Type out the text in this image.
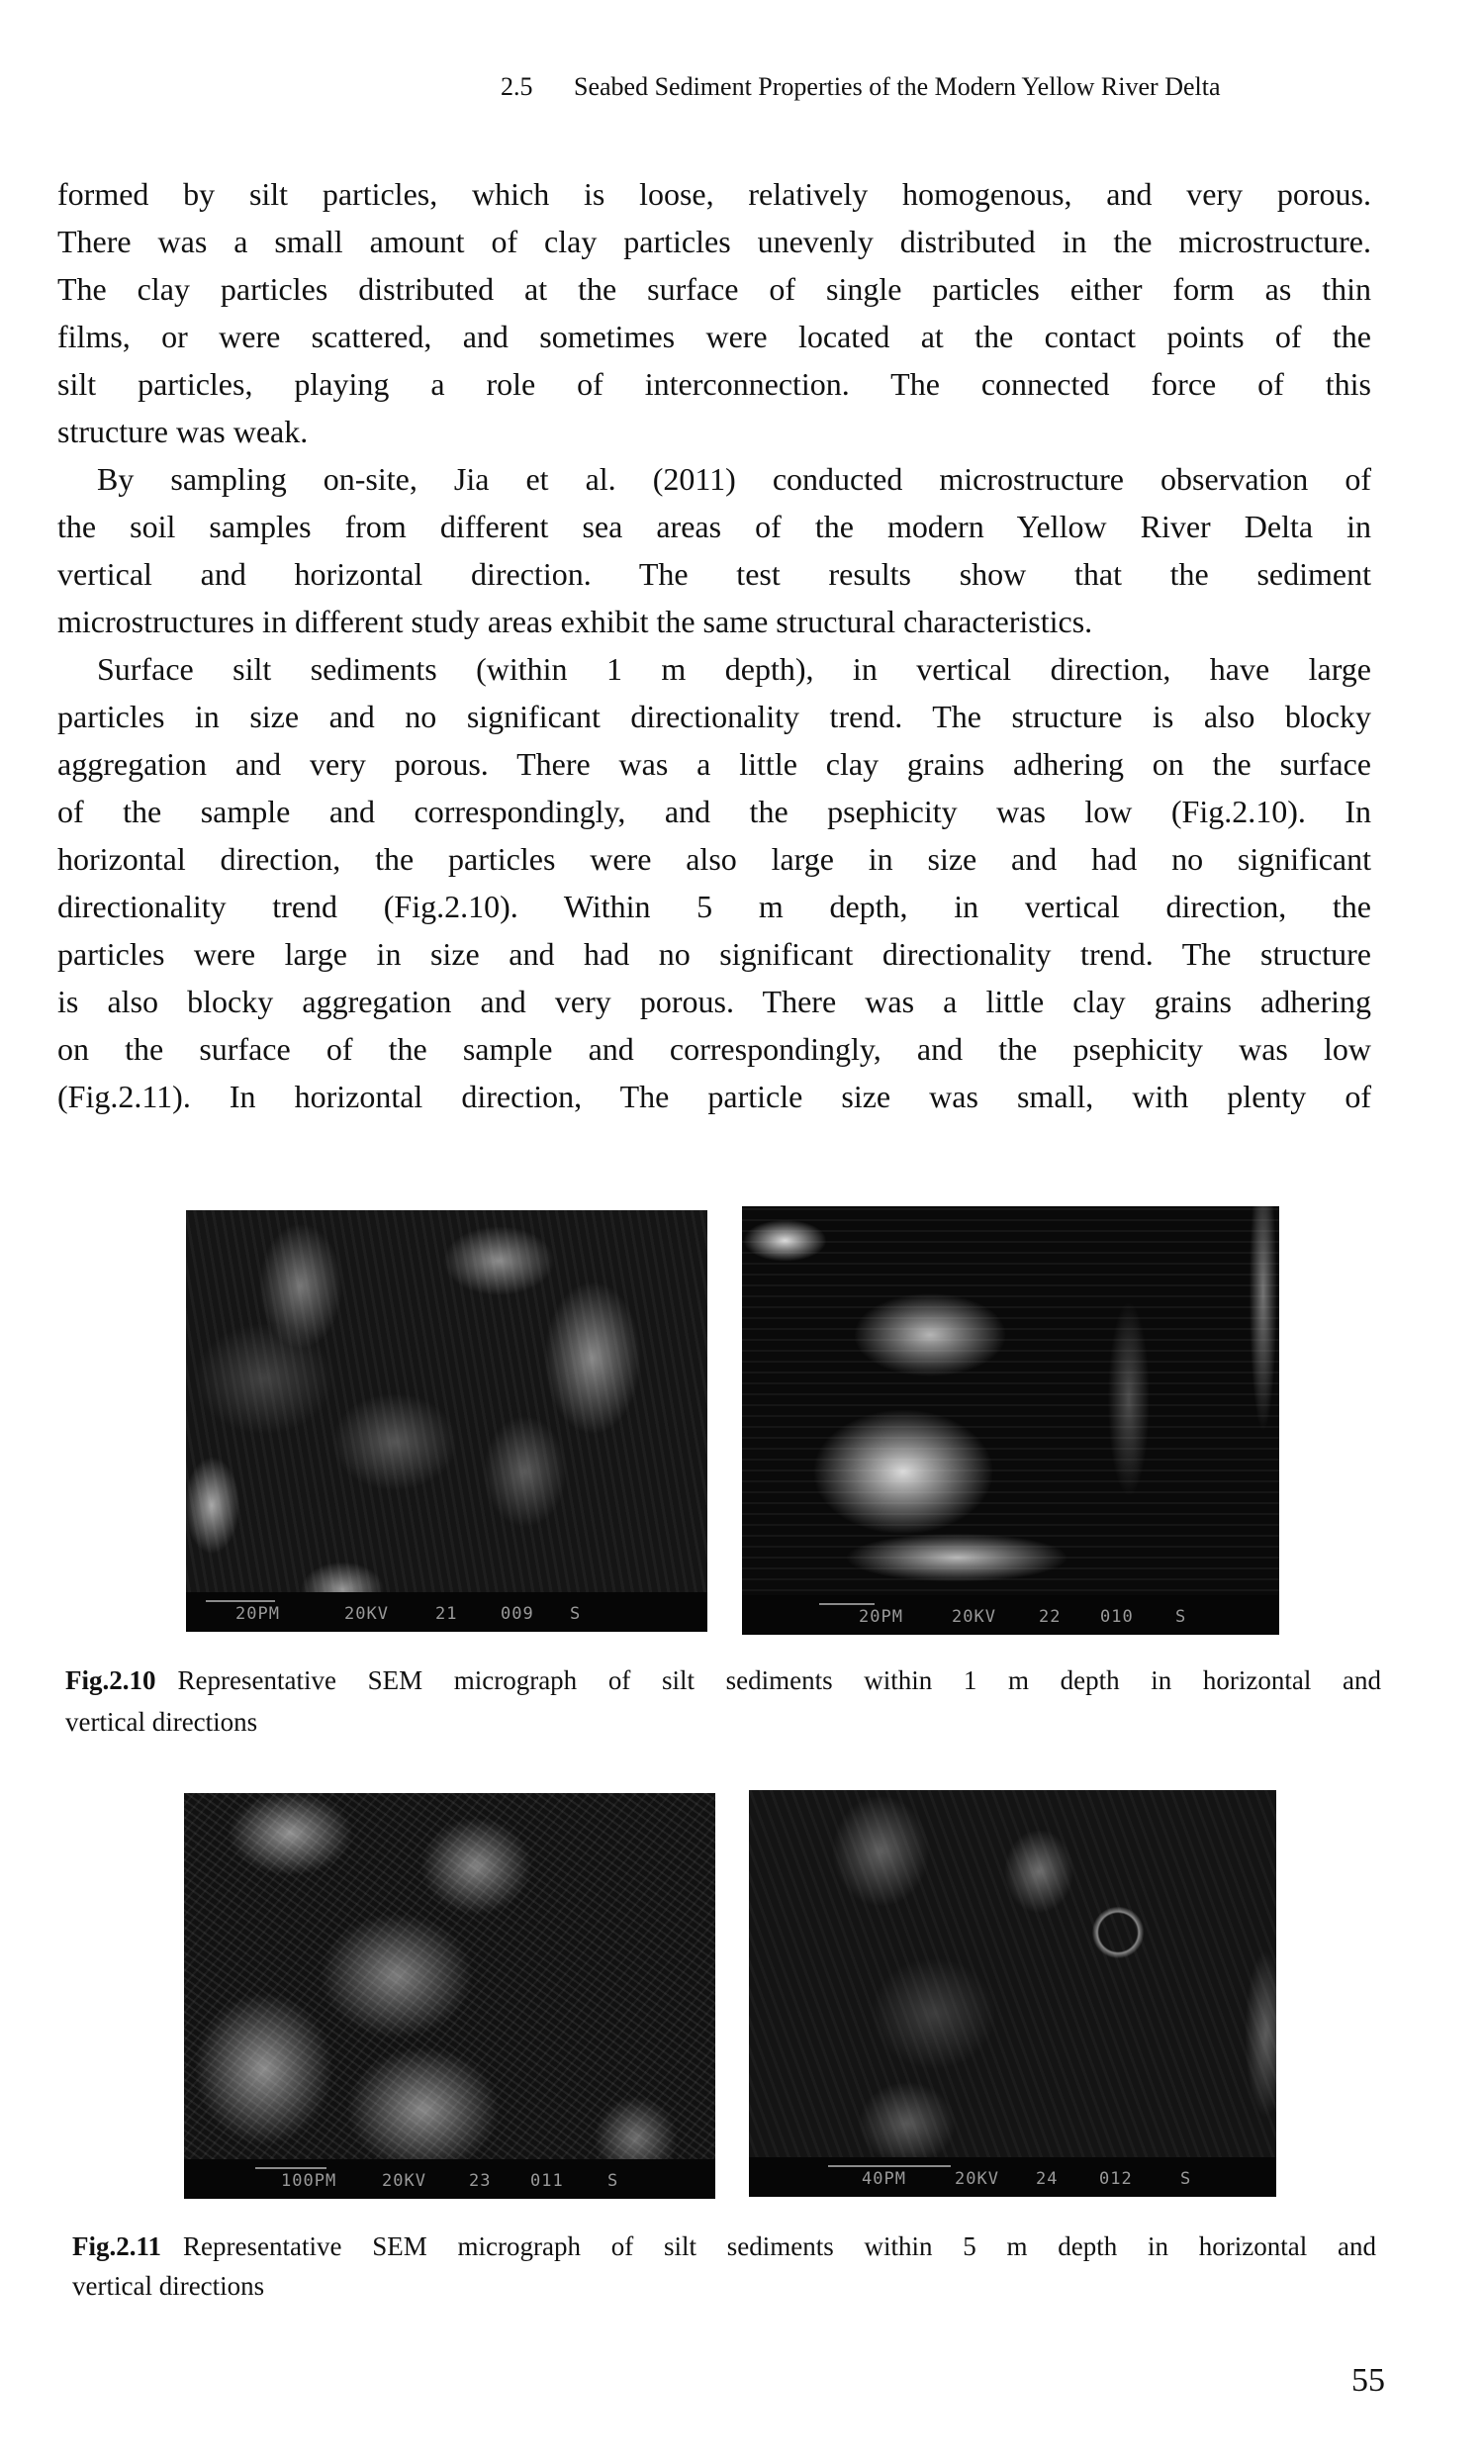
2.5 Seabed Sediment Properties of the Modern Yellow River Delta
formed by silt particles, which is loose, relatively homogenous, and very porous.
There was a small amount of clay particles unevenly distributed in the microstructure.
The clay particles distributed at the surface of single particles either form as thin
films, or were scattered, and sometimes were located at the contact points of the
silt particles, playing a role of interconnection. The connected force of this
structure was weak.
By sampling on-site, Jia et al. (2011) conducted microstructure observation of
the soil samples from different sea areas of the modern Yellow River Delta in
vertical and horizontal direction. The test results show that the sediment
microstructures in different study areas exhibit the same structural characteristics.
Surface silt sediments (within 1 m depth), in vertical direction, have large
particles in size and no significant directionality trend. The structure is also blocky
aggregation and very porous. There was a little clay grains adhering on the surface
of the sample and correspondingly, and the psephicity was low (Fig.2.10). In
horizontal direction, the particles were also large in size and had no significant
directionality trend (Fig.2.10). Within 5 m depth, in vertical direction, the
particles were large in size and had no significant directionality trend. The structure
is also blocky aggregation and very porous. There was a little clay grains adhering
on the surface of the sample and correspondingly, and the psephicity was low
(Fig.2.11). In horizontal direction, The particle size was small, with plenty of
20PM	20KV	21	009 S	20PM	20KV	22 010 S
Fig.2.10 Representative SEM micrograph of silt sediments within 1 m depth in horizontal and
vertical directions
100PM	20KV	23 011	S	40PM	20KV 24 012	S
Fig.2.11 Representative SEM micrograph of silt sediments within 5 m depth in horizontal and
vertical directions
55
